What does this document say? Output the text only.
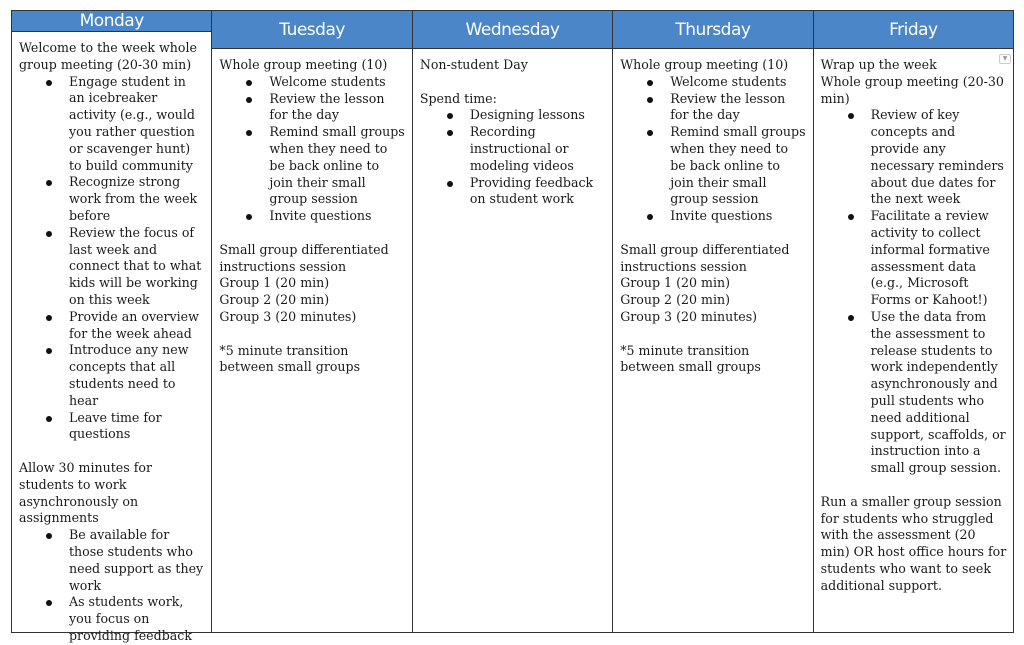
Monday
Welcome to the week whole group meeting (20-30 min)
Engage student in an icebreaker activity (e.g., would you rather question or scavenger hunt) to build community
Recognize strong work from the week before
Review the focus of last week and connect that to what kids will be working on this week
Provide an overview for the week ahead
Introduce any new concepts that all students need to hear
Leave time for questions
Allow 30 minutes for students to work asynchronously on assignments
Be available for those students who need support as they work
As students work, you focus on providing feedback
Tuesday
Whole group meeting (10)
Welcome students
Review the lesson for the day
Remind small groups when they need to be back online to join their small group session
Invite questions
Small group differentiated instructions session
Group 1 (20 min)
Group 2 (20 min)
Group 3 (20 minutes)
*5 minute transition between small groups
Wednesday
Non-student Day
Spend time:
Designing lessons
Recording instructional or modeling videos
Providing feedback on student work
Thursday
Whole group meeting (10)
Welcome students
Review the lesson for the day
Remind small groups when they need to be back online to join their small group session
Invite questions
Small group differentiated instructions session
Group 1 (20 min)
Group 2 (20 min)
Group 3 (20 minutes)
*5 minute transition between small groups
Friday
Wrap up the week
Whole group meeting (20-30 min)
Review of key concepts and provide any necessary reminders about due dates for the next week
Facilitate a review activity to collect informal formative assessment data (e.g., Microsoft Forms or Kahoot!)
Use the data from the assessment to release students to work independently asynchronously and pull students who need additional support, scaffolds, or instruction into a small group session.
Run a smaller group session for students who struggled with the assessment (20 min) OR host office hours for students who want to seek additional support.
▼
